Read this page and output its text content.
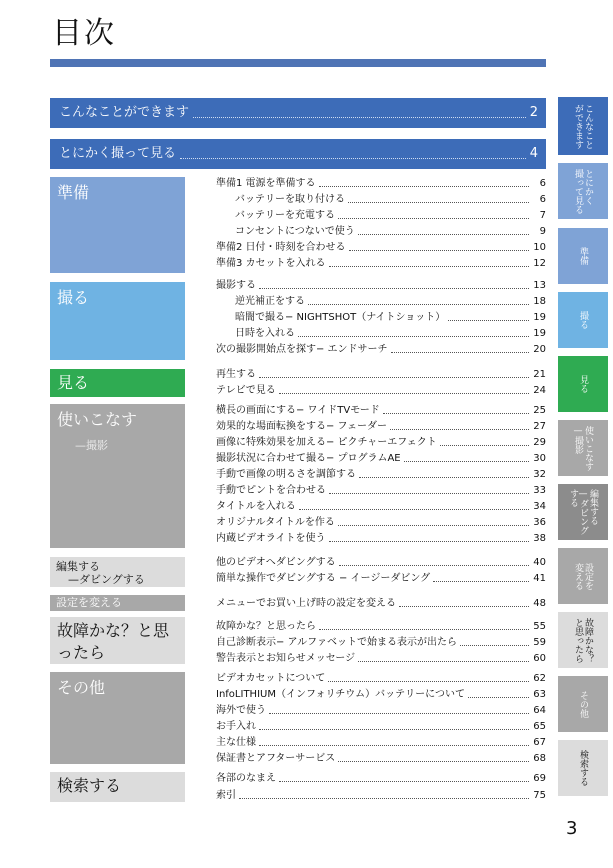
目次
こんなことができます	2
とにかく撮って見る	4
準備
撮る
見る
使いこなす
—撮影
編集する
—ダビングする
設定を変える
故障かな？と思ったら
その他
検索する
準備1 電源を準備する	6
バッテリーを取り付ける	6
バッテリーを充電する	7
コンセントにつないで使う	9
準備2 日付・時刻を合わせる	10
準備3 カセットを入れる	12
撮影する	13
逆光補正をする	18
暗闇で撮る− NIGHTSHOT（ナイトショット）	19
日時を入れる	19
次の撮影開始点を探す− エンドサーチ	20
再生する	21
テレビで見る	24
横長の画面にする− ワイドTVモード	25
効果的な場面転換をする− フェーダー	27
画像に特殊効果を加える− ピクチャーエフェクト	29
撮影状況に合わせて撮る− プログラムAE	30
手動で画像の明るさを調節する	32
手動でピントを合わせる	33
タイトルを入れる	34
オリジナルタイトルを作る	36
内蔵ビデオライトを使う	38
他のビデオへダビングする	40
簡単な操作でダビングする − イージーダビング	41
メニューでお買い上げ時の設定を変える	48
故障かな？と思ったら	55
自己診断表示− アルファベットで始まる表示が出たら	59
警告表示とお知らせメッセージ	60
ビデオカセットについて	62
InfoLITHIUM（インフォリチウム）バッテリーについて	63
海外で使う	64
お手入れ	65
主な仕様	67
保証書とアフターサービス	68
各部のなまえ	69
索引	75
こんなこと
ができます
とにかく
撮って見る
準備
撮る
見る
使いこなす
—撮影
編集する
—ダビング
する
設定を
変える
故障かな？
と思ったら
その他
検索する
3
